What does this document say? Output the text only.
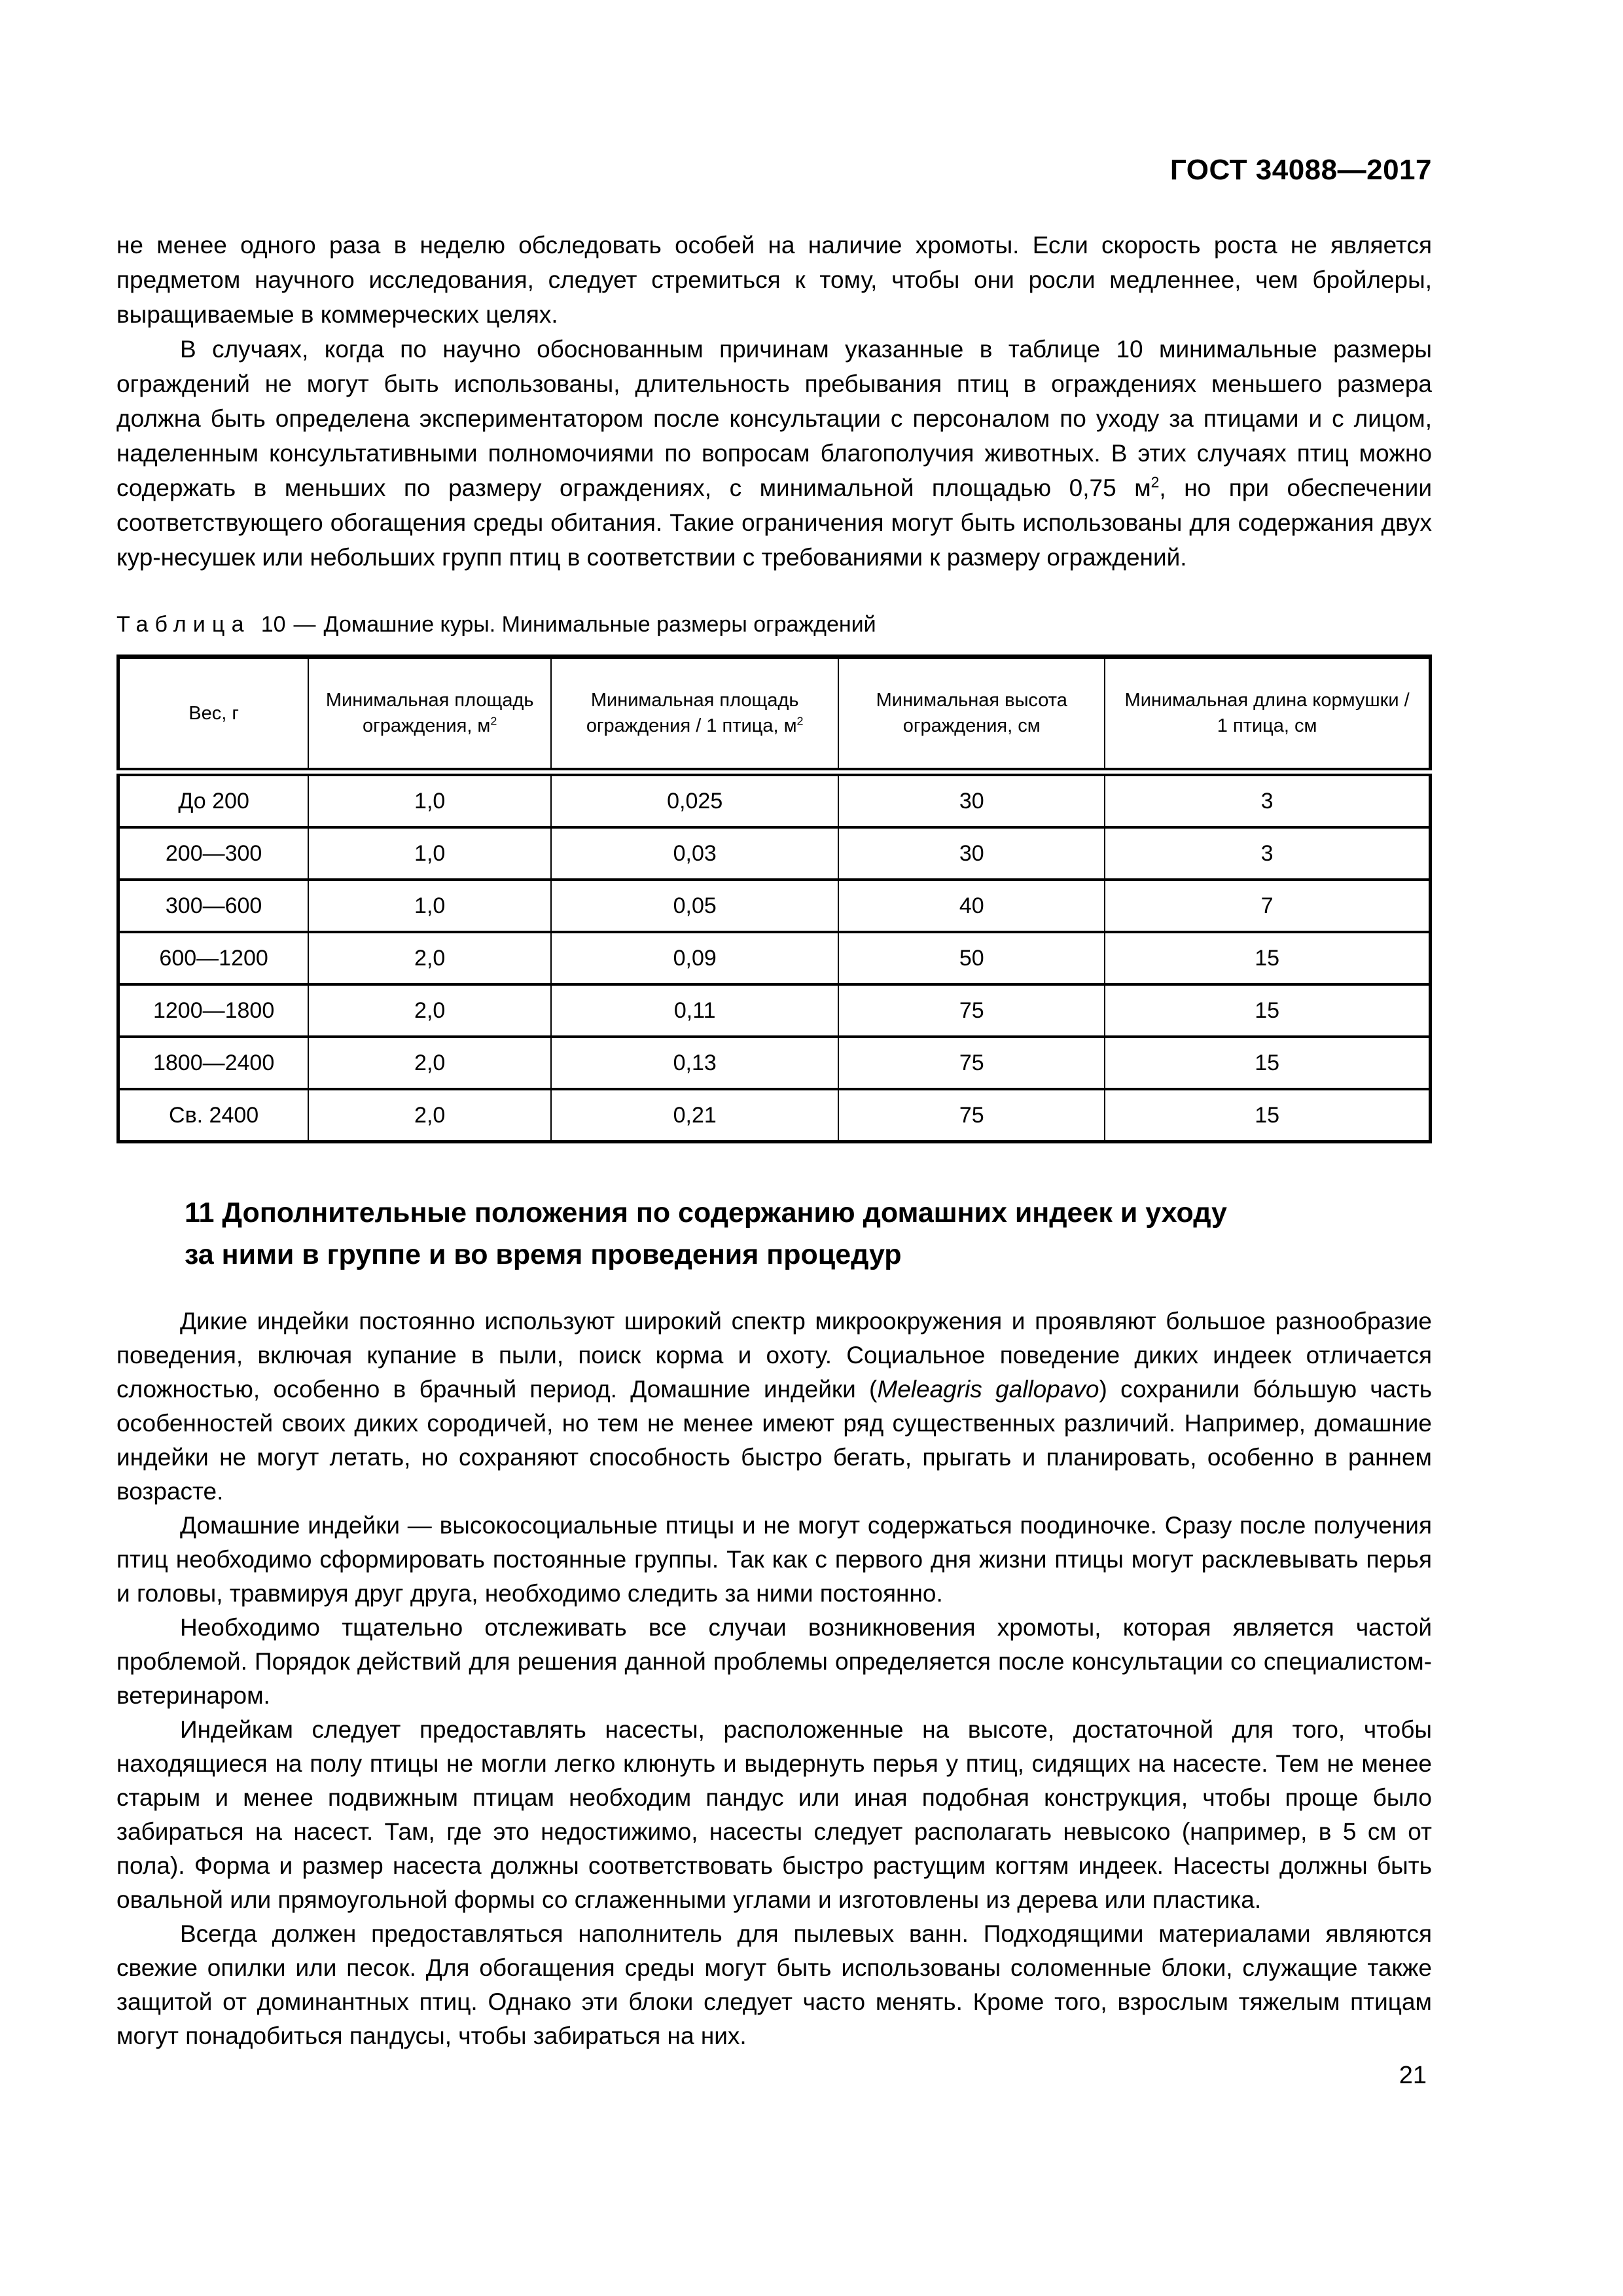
ГОСТ 34088—2017

не менее одного раза в неделю обследовать особей на наличие хромоты. Если скорость роста не является предметом научного исследования, следует стремиться к тому, чтобы они росли медленнее, чем бройлеры, выращиваемые в коммерческих целях.

В случаях, когда по научно обоснованным причинам указанные в таблице 10 минимальные размеры ограждений не могут быть использованы, длительность пребывания птиц в ограждениях меньшего размера должна быть определена экспериментатором после консультации с персоналом по уходу за птицами и с лицом, наделенным консультативными полномочиями по вопросам благополучия животных. В этих случаях птиц можно содержать в меньших по размеру ограждениях, с минимальной площадью 0,75 $м^2$, но при обеспечении соответствующего обогащения среды обитания. Такие ограничения могут быть использованы для содержания двух кур-несушек или небольших групп птиц в соответствии с требованиями к размеру ограждений.

Таблица 10 — Домашние куры. Минимальные размеры ограждений
Вес, г	Минимальная площадь ограждения, $м^2$	Минимальная площадь ограждения / 1 птица, $м^2$	Минимальная высота ограждения, см	Минимальная длина кормушки / 1 птица, см
До 200	1,0	0,025	30	3
200—300	1,0	0,03	30	3
300—600	1,0	0,05	40	7
600—1200	2,0	0,09	50	15
1200—1800	2,0	0,11	75	15
1800—2400	2,0	0,13	75	15
Св. 2400	2,0	0,21	75	15
11 Дополнительные положения по содержанию домашних индеек и уходу
за ними в группе и во время проведения процедур

Дикие индейки постоянно используют широкий спектр микроокружения и проявляют большое разнообразие поведения, включая купание в пыли, поиск корма и охоту. Социальное поведение диких индеек отличается сложностью, особенно в брачный период. Домашние индейки (Meleagris gallopavo) сохранили бо́льшую часть особенностей своих диких сородичей, но тем не менее имеют ряд существенных различий. Например, домашние индейки не могут летать, но сохраняют способность быстро бегать, прыгать и планировать, особенно в раннем возрасте.

Домашние индейки — высокосоциальные птицы и не могут содержаться поодиночке. Сразу после получения птиц необходимо сформировать постоянные группы. Так как с первого дня жизни птицы могут расклевывать перья и головы, травмируя друг друга, необходимо следить за ними постоянно.

Необходимо тщательно отслеживать все случаи возникновения хромоты, которая является частой проблемой. Порядок действий для решения данной проблемы определяется после консультации со специалистом-ветеринаром.

Индейкам следует предоставлять насесты, расположенные на высоте, достаточной для того, чтобы находящиеся на полу птицы не могли легко клюнуть и выдернуть перья у птиц, сидящих на насесте. Тем не менее старым и менее подвижным птицам необходим пандус или иная подобная конструкция, чтобы проще было забираться на насест. Там, где это недостижимо, насесты следует располагать невысоко (например, в 5 см от пола). Форма и размер насеста должны соответствовать быстро растущим когтям индеек. Насесты должны быть овальной или прямоугольной формы со сглаженными углами и изготовлены из дерева или пластика.

Всегда должен предоставляться наполнитель для пылевых ванн. Подходящими материалами являются свежие опилки или песок. Для обогащения среды могут быть использованы соломенные блоки, служащие также защитой от доминантных птиц. Однако эти блоки следует часто менять. Кроме того, взрослым тяжелым птицам могут понадобиться пандусы, чтобы забираться на них.

21
